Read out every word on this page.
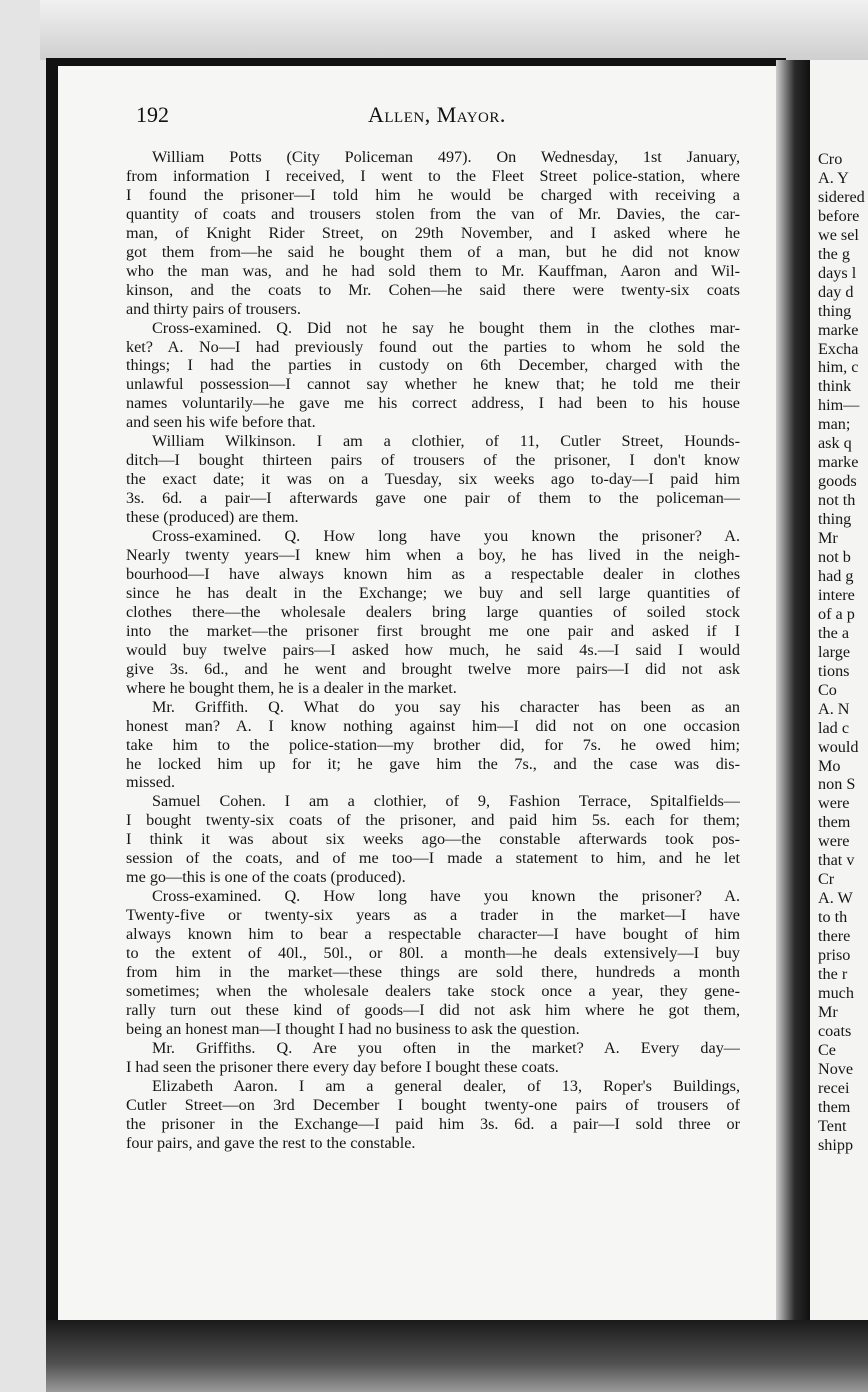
192	Allen, Mayor.
William Potts (City Policeman 497). On Wednesday, 1st January,
from information I received, I went to the Fleet Street police-station, where
I found the prisoner—I told him he would be charged with receiving a
quantity of coats and trousers stolen from the van of Mr. Davies, the car-
man, of Knight Rider Street, on 29th November, and I asked where he
got them from—he said he bought them of a man, but he did not know
who the man was, and he had sold them to Mr. Kauffman, Aaron and Wil-
kinson, and the coats to Mr. Cohen—he said there were twenty-six coats
and thirty pairs of trousers.
Cross-examined. Q. Did not he say he bought them in the clothes mar-
ket? A. No—I had previously found out the parties to whom he sold the
things; I had the parties in custody on 6th December, charged with the
unlawful possession—I cannot say whether he knew that; he told me their
names voluntarily—he gave me his correct address, I had been to his house
and seen his wife before that.
William Wilkinson. I am a clothier, of 11, Cutler Street, Hounds-
ditch—I bought thirteen pairs of trousers of the prisoner, I don't know
the exact date; it was on a Tuesday, six weeks ago to-day—I paid him
3s. 6d. a pair—I afterwards gave one pair of them to the policeman—
these (produced) are them.
Cross-examined. Q. How long have you known the prisoner? A.
Nearly twenty years—I knew him when a boy, he has lived in the neigh-
bourhood—I have always known him as a respectable dealer in clothes
since he has dealt in the Exchange; we buy and sell large quantities of
clothes there—the wholesale dealers bring large quanties of soiled stock
into the market—the prisoner first brought me one pair and asked if I
would buy twelve pairs—I asked how much, he said 4s.—I said I would
give 3s. 6d., and he went and brought twelve more pairs—I did not ask
where he bought them, he is a dealer in the market.
Mr. Griffith. Q. What do you say his character has been as an
honest man? A. I know nothing against him—I did not on one occasion
take him to the police-station—my brother did, for 7s. he owed him;
he locked him up for it; he gave him the 7s., and the case was dis-
missed.
Samuel Cohen. I am a clothier, of 9, Fashion Terrace, Spitalfields—
I bought twenty-six coats of the prisoner, and paid him 5s. each for them;
I think it was about six weeks ago—the constable afterwards took pos-
session of the coats, and of me too—I made a statement to him, and he let
me go—this is one of the coats (produced).
Cross-examined. Q. How long have you known the prisoner? A.
Twenty-five or twenty-six years as a trader in the market—I have
always known him to bear a respectable character—I have bought of him
to the extent of 40l., 50l., or 80l. a month—he deals extensively—I buy
from him in the market—these things are sold there, hundreds a month
sometimes; when the wholesale dealers take stock once a year, they gene-
rally turn out these kind of goods—I did not ask him where he got them,
being an honest man—I thought I had no business to ask the question.
Mr. Griffiths. Q. Are you often in the market? A. Every day—
I had seen the prisoner there every day before I bought these coats.
Elizabeth Aaron. I am a general dealer, of 13, Roper's Buildings,
Cutler Street—on 3rd December I bought twenty-one pairs of trousers of
the prisoner in the Exchange—I paid him 3s. 6d. a pair—I sold three or
four pairs, and gave the rest to the constable.
Cro
A. Y
sidered
before
we sel
the g
days l
day d
thing
marke
Excha
him, c
think
him—
man;
ask q
marke
goods
not th
thing
Mr
not b
had g
intere
of a p
the a
large
tions
Co
A. N
lad c
would
Mo
non S
were
them
were
that v
Cr
A. W
to th
there
priso
the r
much
Mr
coats
Ce
Nove
recei
them
Tent
shipp
